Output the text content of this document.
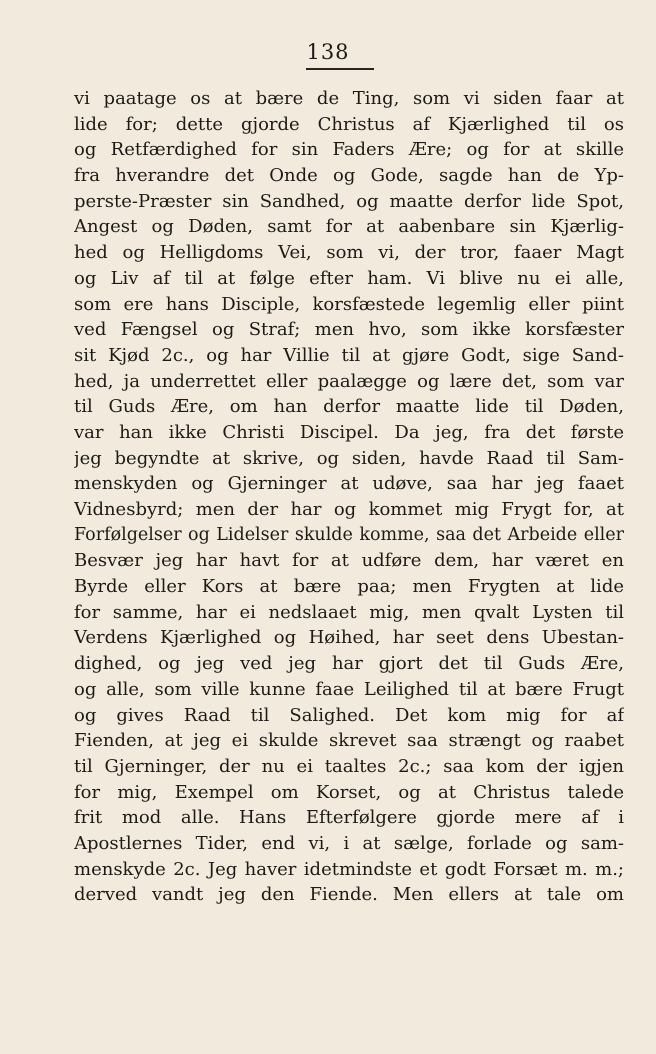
138
vi paatage os at bære de Ting, som vi siden faar at
lide for; dette gjorde Christus af Kjærlighed til os
og Retfærdighed for sin Faders Ære; og for at skille
fra hverandre det Onde og Gode, sagde han de Yp-
perste-Præster sin Sandhed, og maatte derfor lide Spot,
Angest og Døden, samt for at aabenbare sin Kjærlig-
hed og Helligdoms Vei, som vi, der tror, faaer Magt
og Liv af til at følge efter ham. Vi blive nu ei alle,
som ere hans Disciple, korsfæstede legemlig eller piint
ved Fængsel og Straf; men hvo, som ikke korsfæster
sit Kjød 2c., og har Villie til at gjøre Godt, sige Sand-
hed, ja underrettet eller paalægge og lære det, som var
til Guds Ære, om han derfor maatte lide til Døden,
var han ikke Christi Discipel. Da jeg, fra det første
jeg begyndte at skrive, og siden, havde Raad til Sam-
menskyden og Gjerninger at udøve, saa har jeg faaet
Vidnesbyrd; men der har og kommet mig Frygt for, at
Forfølgelser og Lidelser skulde komme, saa det Arbeide eller
Besvær jeg har havt for at udføre dem, har været en
Byrde eller Kors at bære paa; men Frygten at lide
for samme, har ei nedslaaet mig, men qvalt Lysten til
Verdens Kjærlighed og Høihed, har seet dens Ubestan-
dighed, og jeg ved jeg har gjort det til Guds Ære,
og alle, som ville kunne faae Leilighed til at bære Frugt
og gives Raad til Salighed. Det kom mig for af
Fienden, at jeg ei skulde skrevet saa strængt og raabet
til Gjerninger, der nu ei taaltes 2c.; saa kom der igjen
for mig, Exempel om Korset, og at Christus talede
frit mod alle. Hans Efterfølgere gjorde mere af i
Apostlernes Tider, end vi, i at sælge, forlade og sam-
menskyde 2c. Jeg haver idetmindste et godt Forsæt m. m.;
derved vandt jeg den Fiende. Men ellers at tale om
